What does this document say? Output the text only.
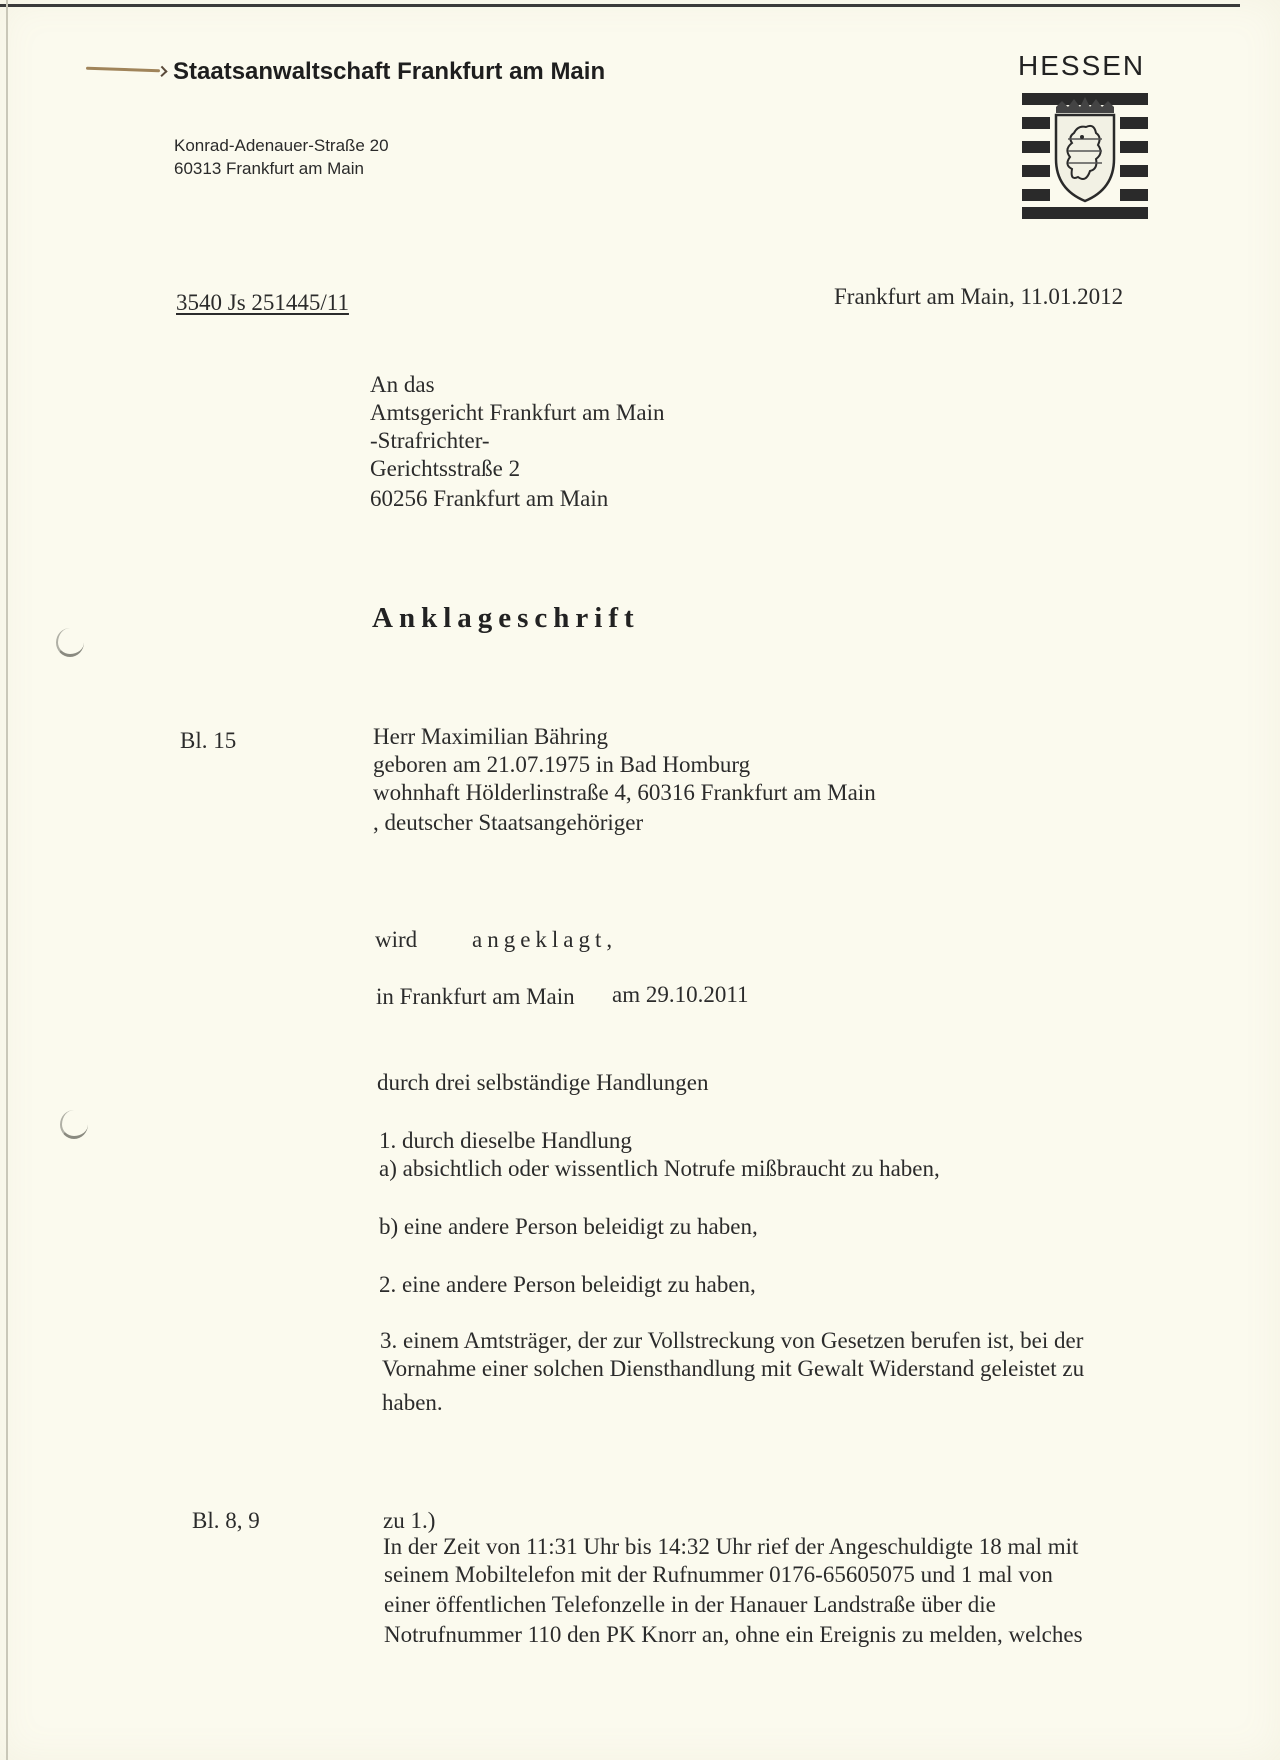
Staatsanwaltschaft Frankfurt am Main
Konrad-Adenauer-Straße 20
60313 Frankfurt am Main
HESSEN
3540 Js 251445/11	Frankfurt am Main, 11.01.2012
An das
Amtsgericht Frankfurt am Main
-Strafrichter-
Gerichtsstraße 2
60256 Frankfurt am Main
Anklageschrift
Bl. 15	Herr Maximilian Bähring
geboren am 21.07.1975 in Bad Homburg
wohnhaft Hölderlinstraße 4, 60316 Frankfurt am Main
, deutscher Staatsangehöriger
wird angeklagt,
in Frankfurt am Main am 29.10.2011
durch drei selbständige Handlungen
1. durch dieselbe Handlung
a) absichtlich oder wissentlich Notrufe mißbraucht zu haben,
b) eine andere Person beleidigt zu haben,
2. eine andere Person beleidigt zu haben,
3. einem Amtsträger, der zur Vollstreckung von Gesetzen berufen ist, bei der
Vornahme einer solchen Diensthandlung mit Gewalt Widerstand geleistet zu
haben.
Bl. 8, 9	zu 1.)
In der Zeit von 11:31 Uhr bis 14:32 Uhr rief der Angeschuldigte 18 mal mit
seinem Mobiltelefon mit der Rufnummer 0176-65605075 und 1 mal von
einer öffentlichen Telefonzelle in der Hanauer Landstraße über die
Notrufnummer 110 den PK Knorr an, ohne ein Ereignis zu melden, welches
